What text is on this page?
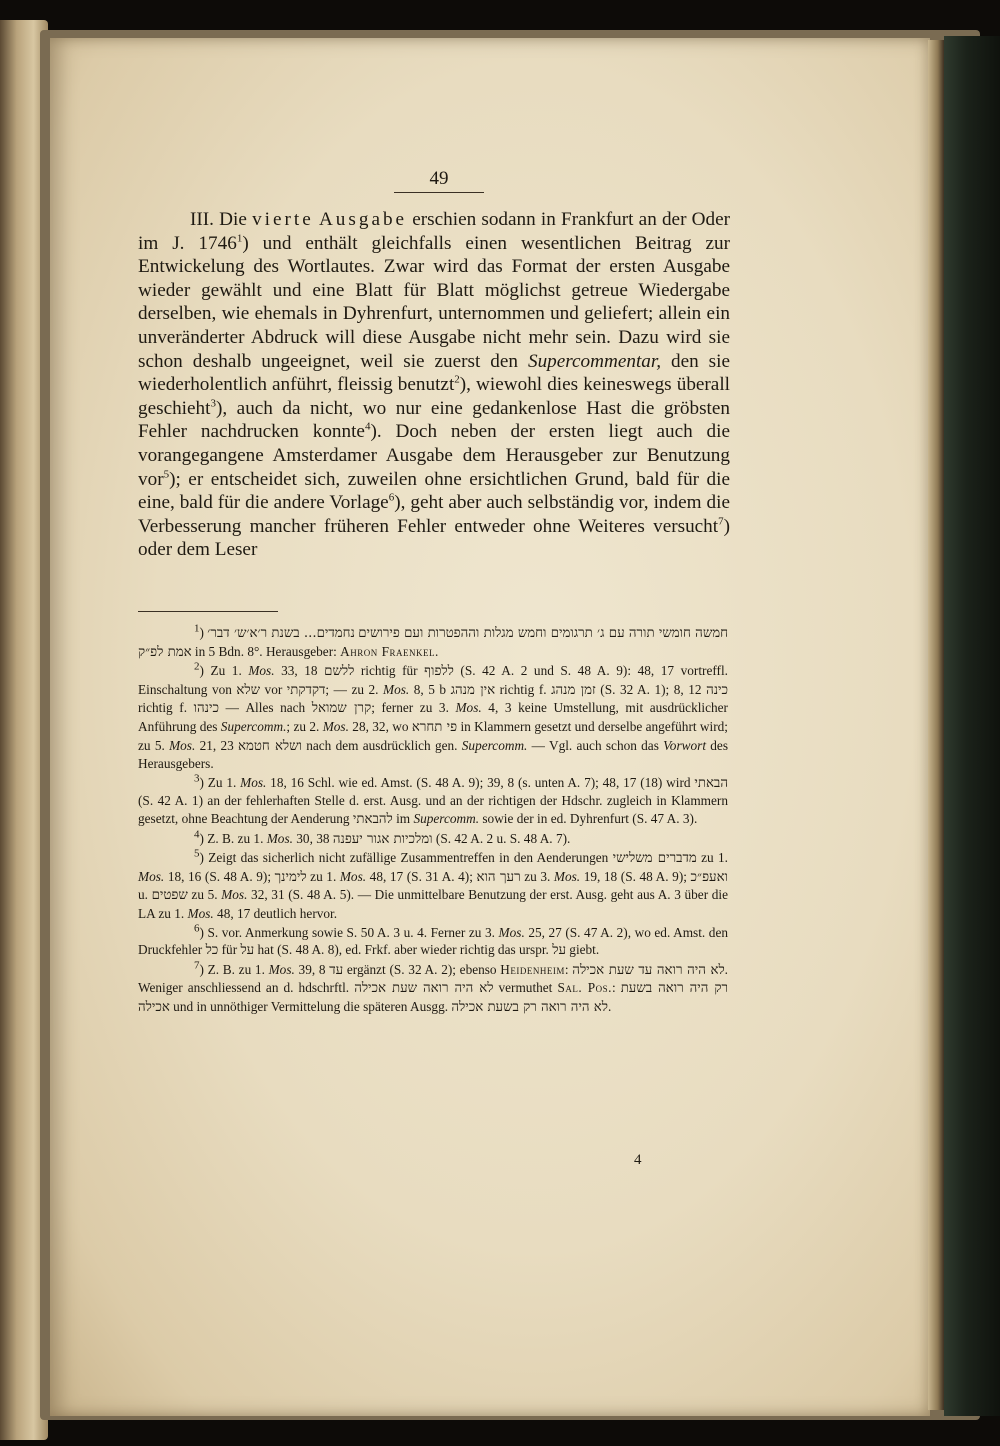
49

III. Die vierte Ausgabe erschien sodann in Frankfurt an der Oder im J. 1746$^1$) und enthält gleichfalls einen wesentlichen Beitrag zur Entwickelung des Wortlautes. Zwar wird das Format der ersten Ausgabe wieder gewählt und eine Blatt für Blatt möglichst getreue Wiedergabe derselben, wie ehemals in Dyhrenfurt, unternommen und geliefert; allein ein unveränderter Abdruck will diese Ausgabe nicht mehr sein. Dazu wird sie schon deshalb ungeeignet, weil sie zuerst den Supercommentar, den sie wiederholentlich anführt, fleissig benutzt$^2$), wiewohl dies keineswegs überall geschieht$^3$), auch da nicht, wo nur eine gedankenlose Hast die gröbsten Fehler nachdrucken konnte$^4$). Doch neben der ersten liegt auch die vorangegangene Amsterdamer Ausgabe dem Herausgeber zur Benutzung vor$^5$); er entscheidet sich, zuweilen ohne ersichtlichen Grund, bald für die eine, bald für die andere Vorlage$^6$), geht aber auch selbständig vor, indem die Verbesserung mancher früheren Fehler entweder ohne Weiteres versucht$^7$) oder dem Leser

$^1$)	חמשה חומשי תורה עם ג׳ תרגומים וחמש מגלות וההפטרות ועם פירושים נחמדים... בשנת ר׳א׳ש׳ דבר׳ אמת לפ״ק in 5 Bdn. 8°. Herausgeber: Ahron Fraenkel.

$^2$) Zu 1. Mos. 33, 18 ללשם richtig für ללפוף (S. 42 A. 2 und S. 48 A. 9): 48, 17 vortreffl. Einschaltung von שלא vor דקדקתי; — zu 2. Mos. 8, 5 b אין מנהג richtig f. זמן מנהג (S. 32 A. 1); 8, 12 כינה richtig f. כינהו — Alles nach קרן שמואל; ferner zu 3. Mos. 4, 3 keine Umstellung, mit ausdrücklicher Anführung des Supercomm.; zu 2. Mos. 28, 32, wo פי תחרא in Klammern gesetzt und derselbe angeführt wird; zu 5. Mos. 21, 23 ושלא חטמא nach dem ausdrücklich gen. Supercomm. — Vgl. auch schon das Vorwort des Herausgebers.

$^3$) Zu 1. Mos. 18, 16 Schl. wie ed. Amst. (S. 48 A. 9); 39, 8 (s. unten A. 7); 48, 17 (18) wird הבאתי (S. 42 A. 1) an der fehlerhaften Stelle d. erst. Ausg. und an der richtigen der Hdschr. zugleich in Klammern gesetzt, ohne Beachtung der Aenderung להבאתי im Supercomm. sowie der in ed. Dyhrenfurt (S. 47 A. 3).

$^4$) Z. B. zu 1. Mos. 30, 38 ומלכיות אגור יעפנה (S. 42 A. 2 u. S. 48 A. 7).

$^5$) Zeigt das sicherlich nicht zufällige Zusammentreffen in den Aenderungen מדברים משלישי zu 1. Mos. 18, 16 (S. 48 A. 9); לימינך zu 1. Mos. 48, 17 (S. 31 A. 4); רעך הוא zu 3. Mos. 19, 18 (S. 48 A. 9); ואעפ״כ u. שפטים zu 5. Mos. 32, 31 (S. 48 A. 5). — Die unmittelbare Benutzung der erst. Ausg. geht aus A. 3 über die LA zu 1. Mos. 48, 17 deutlich hervor.

$^6$) S. vor. Anmerkung sowie S. 50 A. 3 u. 4. Ferner zu 3. Mos. 25, 27 (S. 47 A. 2), wo ed. Amst. den Druckfehler כל für על hat (S. 48 A. 8), ed. Frkf. aber wieder richtig das urspr. על giebt.

$^7$) Z. B. zu 1. Mos. 39, 8 עד ergänzt (S. 32 A. 2); ebenso Heidenheim: לא היה רואה עד שעת אכילה. Weniger anschliessend an d. hdschrftl. לא היה רואה שעת אכילה vermuthet Sal. Pos.: רק היה רואה בשעת אכילה und in unnöthiger Vermittelung die späteren Ausgg. לא היה רואה רק בשעת אכילה.

4
